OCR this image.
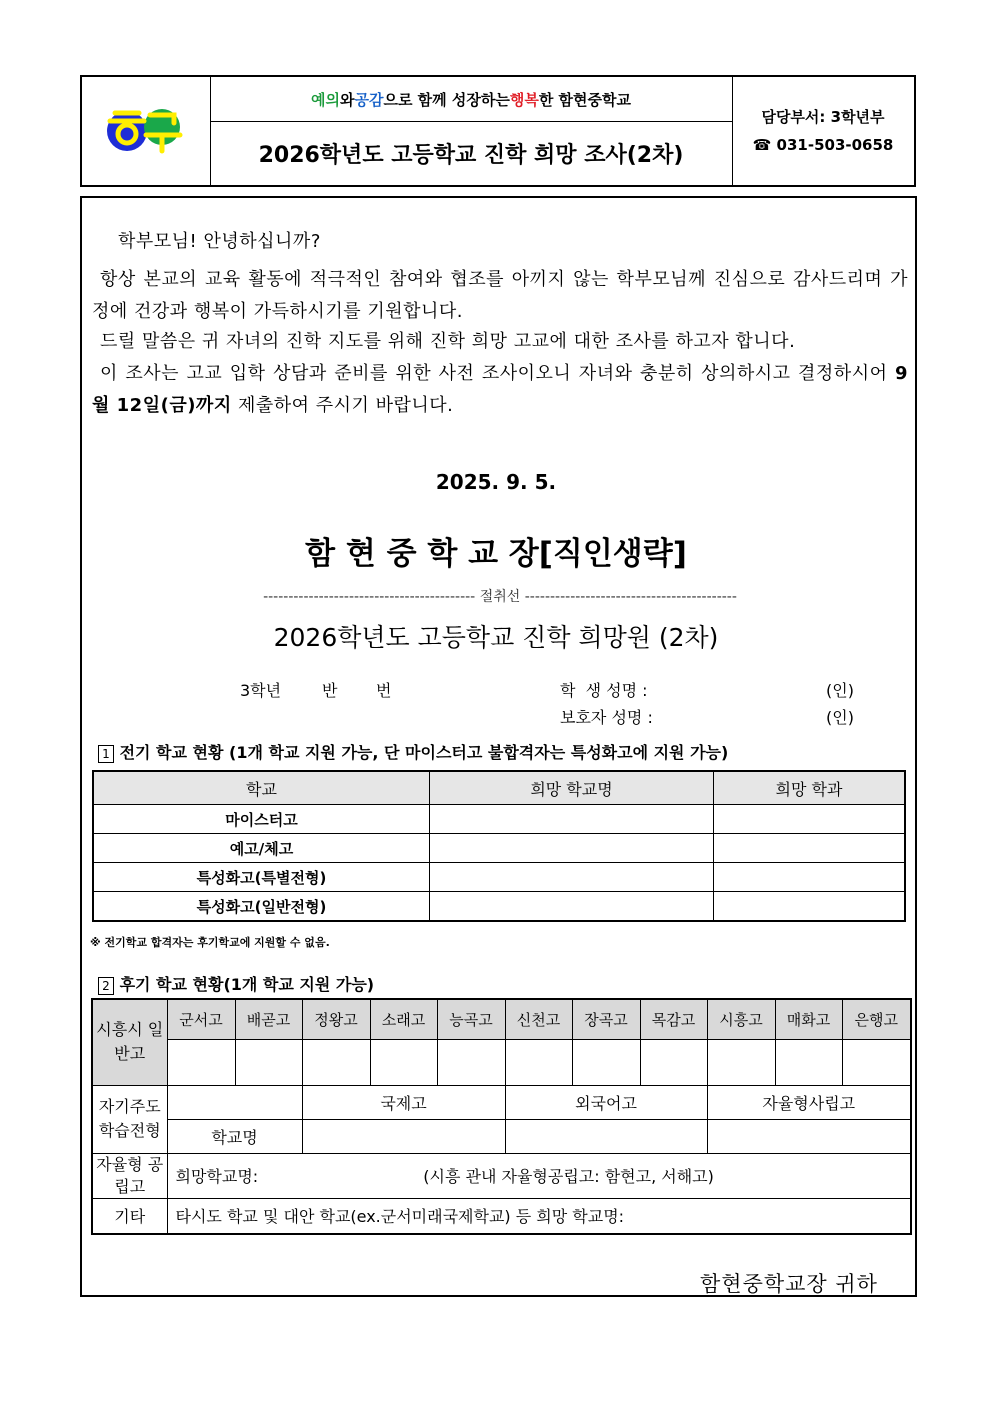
예의 와 공감 으로 함께 성장하는 행복 한 함현중학교
2026학년도 고등학교 진학 희망 조사(2차)
담당부서: 3학년부
☎ 031-503-0658
학부모님! 안녕하십니까?
항상 본교의 교육 활동에 적극적인 참여와 협조를 아끼지 않는 학부모님께 진심으로 감사드리며 가정에 건강과 행복이 가득하시기를 기원합니다.
드릴 말씀은 귀 자녀의 진학 지도를 위해 진학 희망 고교에 대한 조사를 하고자 합니다.
이 조사는 고교 입학 상담과 준비를 위한 사전 조사이오니 자녀와 충분히 상의하시고 결정하시어 9월 12일(금)까지 제출하여 주시기 바랍니다.
2025. 9. 5.
함 현 중 학 교 장[직인생략]
------------------------------------------ 절취선 ------------------------------------------
2026학년도 고등학교 진학 희망원 (2차)
3학년	반 번	학  생 성명 :	(인)
보호자 성명 :	(인)
1 전기 학교 현황 (1개 학교 지원 가능, 단 마이스터고 불합격자는 특성화고에 지원 가능)
학교	희망 학교명	희망 학과
마이스터고		
예고/체고		
특성화고(특별전형)		
특성화고(일반전형)		
※ 전기학교 합격자는 후기학교에 지원할 수 없음.
2 후기 학교 현황(1개 학교 지원 가능)
시흥시 일반고	군서고	배곧고	정왕고	소래고	능곡고	신천고	장곡고	목감고	시흥고	매화고	은행고

자기주도 학습전형			국제고			외국어고			자율형사립고		
	학교명										
자율형 공립고	희망학교명: (시흥 관내 자율형공립고: 함현고, 서해고)										
기타	타시도 학교 및 대안 학교(ex.군서미래국제학교) 등 희망 학교명:										
함현중학교장 귀하
